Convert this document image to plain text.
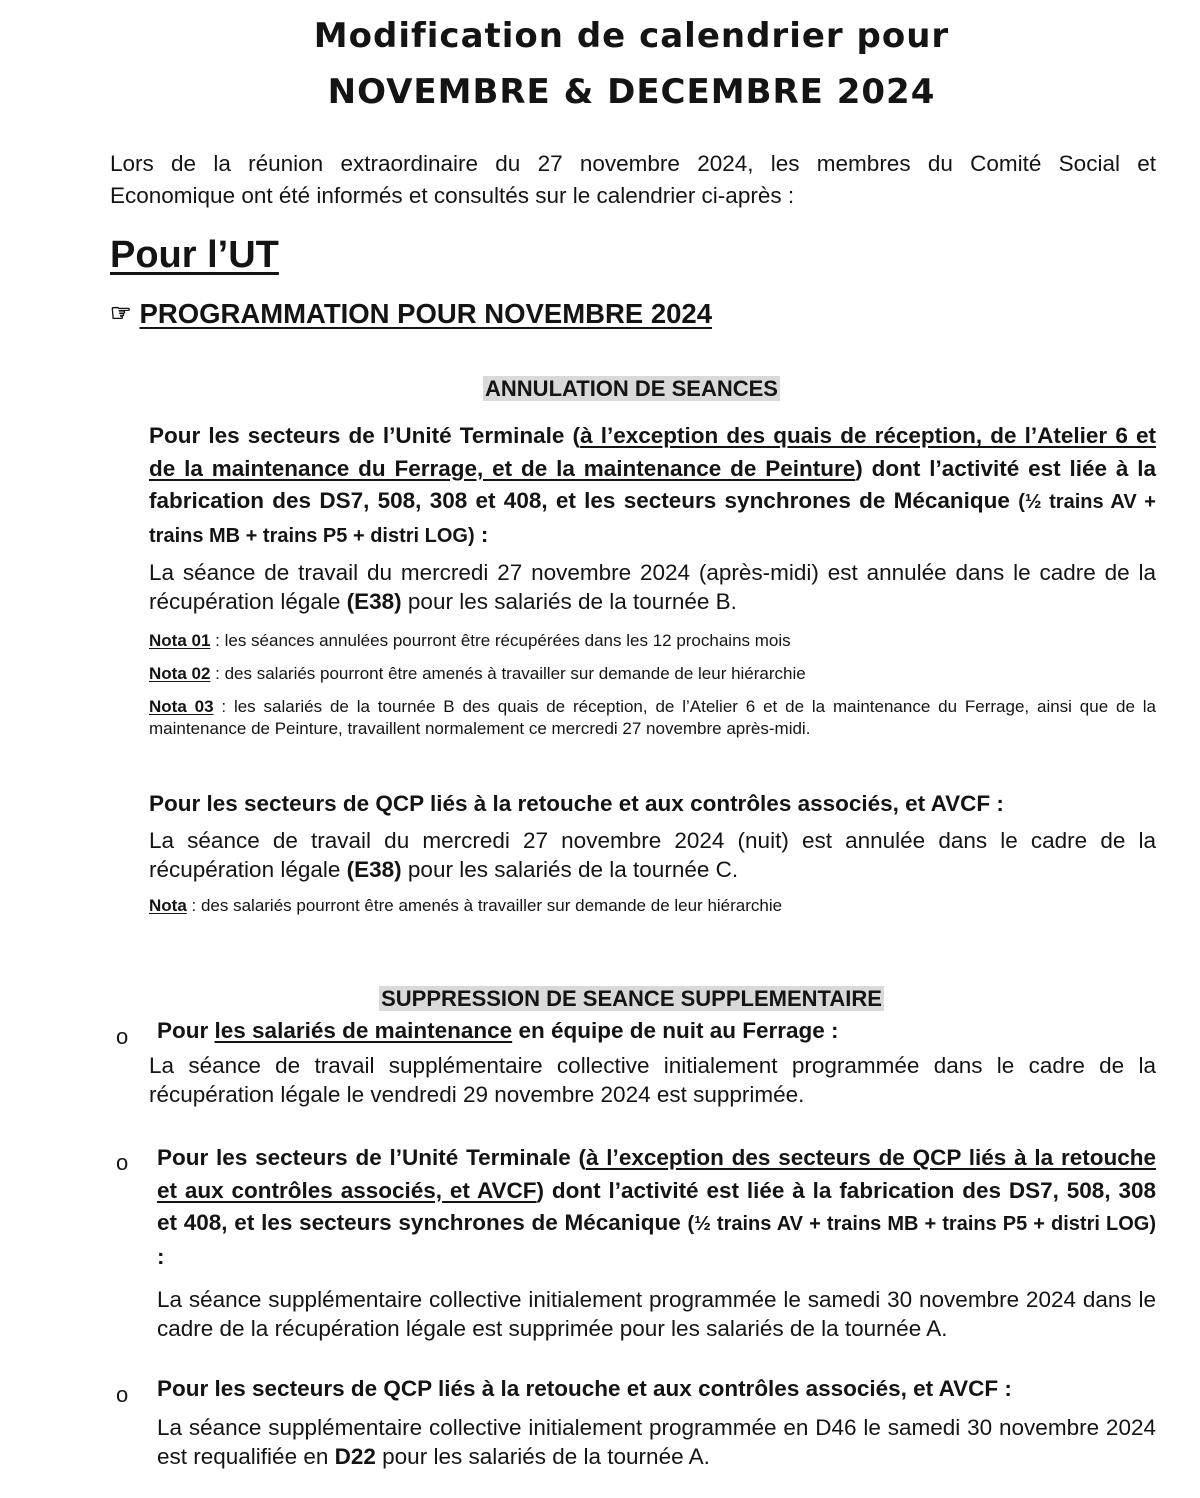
Modification de calendrier pour
NOVEMBRE & DECEMBRE 2024
Lors de la réunion extraordinaire du 27 novembre 2024, les membres du Comité Social et
Economique ont été informés et consultés sur le calendrier ci-après :
Pour l’UT
☞ PROGRAMMATION POUR NOVEMBRE 2024
ANNULATION DE SEANCES
Pour les secteurs de l’Unité Terminale (à l’exception des quais de réception, de l’Atelier 6 et de la maintenance du Ferrage, et de la maintenance de Peinture) dont l’activité est liée à la fabrication des DS7, 508, 308 et 408, et les secteurs synchrones de Mécanique (½ trains AV + trains MB + trains P5 + distri LOG) :
La séance de travail du mercredi 27 novembre 2024 (après-midi) est annulée dans le cadre de la récupération légale (E38) pour les salariés de la tournée B.
Nota 01 : les séances annulées pourront être récupérées dans les 12 prochains mois
Nota 02 : des salariés pourront être amenés à travailler sur demande de leur hiérarchie
Nota 03 : les salariés de la tournée B des quais de réception, de l’Atelier 6 et de la maintenance du Ferrage, ainsi que de la maintenance de Peinture, travaillent normalement ce mercredi 27 novembre après-midi.
Pour les secteurs de QCP liés à la retouche et aux contrôles associés, et AVCF :
La séance de travail du mercredi 27 novembre 2024 (nuit) est annulée dans le cadre de la récupération légale (E38) pour les salariés de la tournée C.
Nota : des salariés pourront être amenés à travailler sur demande de leur hiérarchie
SUPPRESSION DE SEANCE SUPPLEMENTAIRE
o Pour les salariés de maintenance en équipe de nuit au Ferrage :
La séance de travail supplémentaire collective initialement programmée dans le cadre de la récupération légale le vendredi 29 novembre 2024 est supprimée.
o Pour les secteurs de l’Unité Terminale (à l’exception des secteurs de QCP liés à la retouche et aux contrôles associés, et AVCF) dont l’activité est liée à la fabrication des DS7, 508, 308 et 408, et les secteurs synchrones de Mécanique (½ trains AV + trains MB + trains P5 + distri LOG) :
La séance supplémentaire collective initialement programmée le samedi 30 novembre 2024 dans le cadre de la récupération légale est supprimée pour les salariés de la tournée A.
o Pour les secteurs de QCP liés à la retouche et aux contrôles associés, et AVCF :
La séance supplémentaire collective initialement programmée en D46 le samedi 30 novembre 2024 est requalifiée en D22 pour les salariés de la tournée A.
